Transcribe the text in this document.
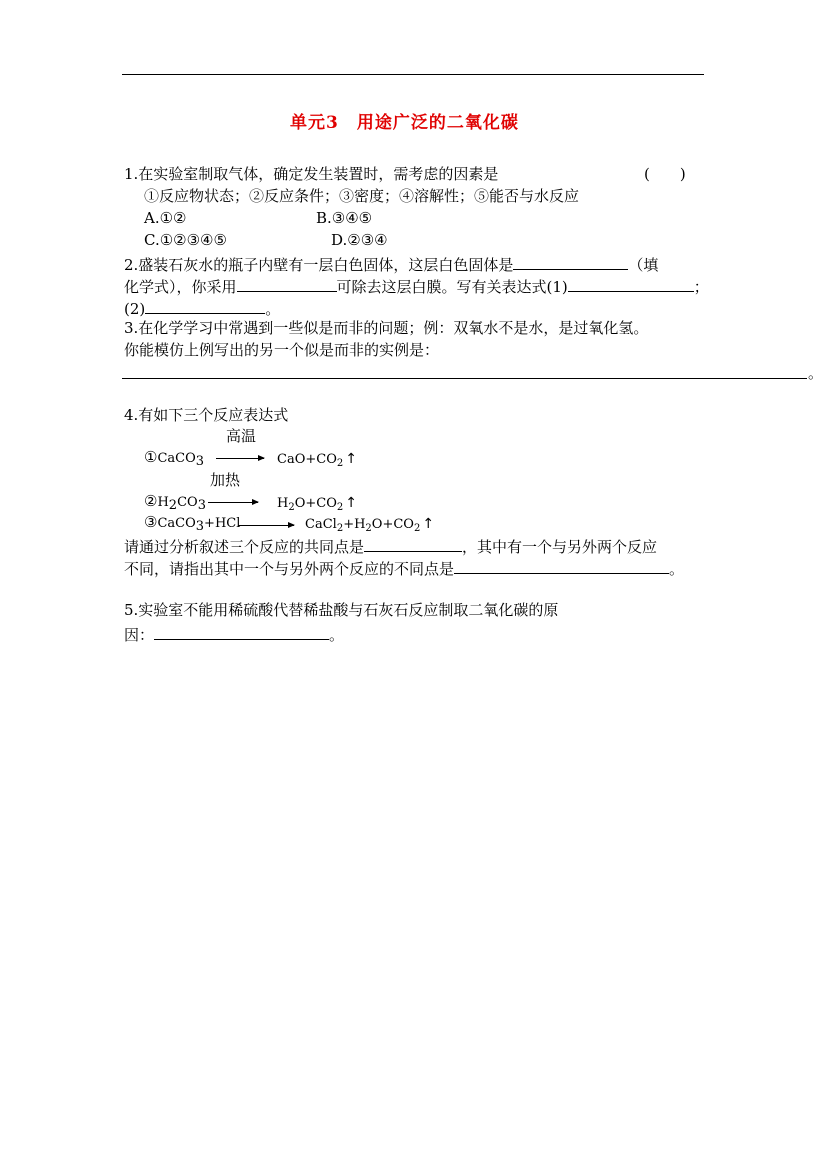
单元3　用途广泛的二氧化碳
1.在实验室制取气体，确定发生装置时，需考虑的因素是	(　　)
①反应物状态；②反应条件；③密度；④溶解性；⑤能否与水反应
A.①②	B.③④⑤
C.①②③④⑤	D.②③④
2.盛装石灰水的瓶子内壁有一层白色固体，这层白色固体是	（填
化学式），你采用	可除去这层白膜。写有关表达式(1)	；
(2)	。
3.在化学学习中常遇到一些似是而非的问题；例：双氧水不是水，是过氧化氢。
你能模仿上例写出的另一个似是而非的实例是：
。
4.有如下三个反应表达式
高温
①CaCO3	$CaO+CO_2$ ↑
加热
②H2CO3	$H_2O+CO_2$ ↑
③CaCO3+HCl	$CaCl_2+H_2O+CO_2$ ↑
请通过分析叙述三个反应的共同点是	，其中有一个与另外两个反应
不同，请指出其中一个与另外两个反应的不同点是	。
5.实验室不能用稀硫酸代替稀盐酸与石灰石反应制取二氧化碳的原
因：	。
